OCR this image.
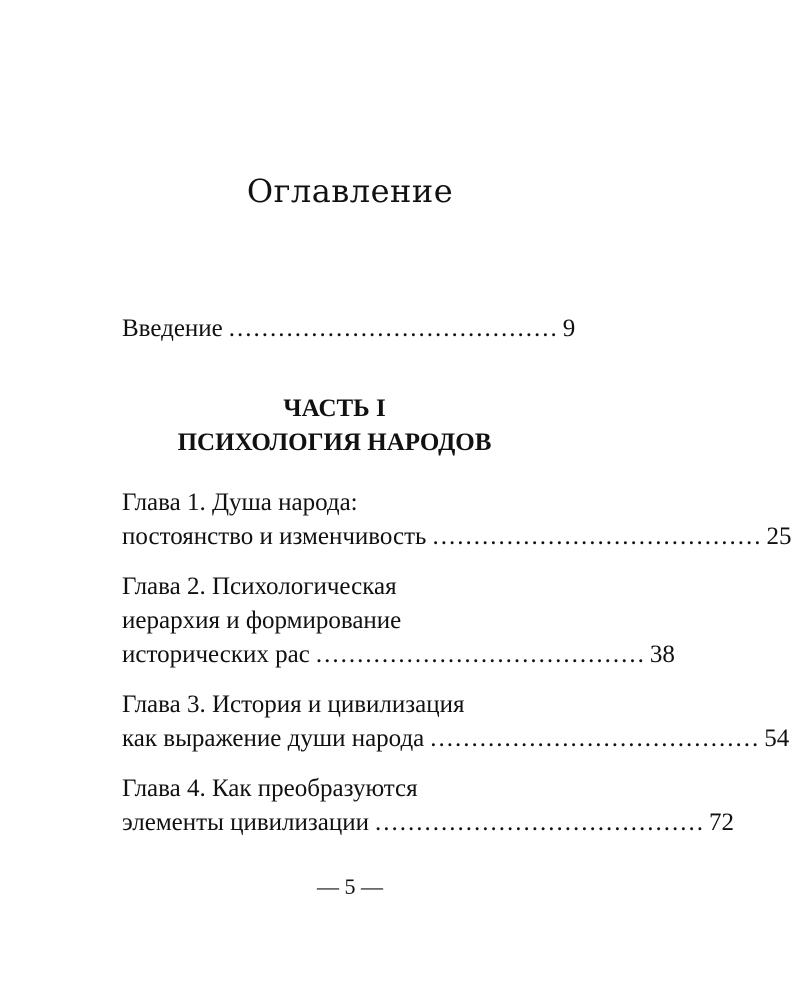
Оглавление
Введение ........................................ 9
ЧАСТЬ I
ПСИХОЛОГИЯ НАРОДОВ
Глава 1. Душа народа:
постоянство и изменчивость ........................................ 25
Глава 2. Психологическая
иерархия и формирование
исторических рас ........................................ 38
Глава 3. История и цивилизация
как выражение души народа ........................................ 54
Глава 4. Как преобразуются
элементы цивилизации ........................................ 72
— 5 —
